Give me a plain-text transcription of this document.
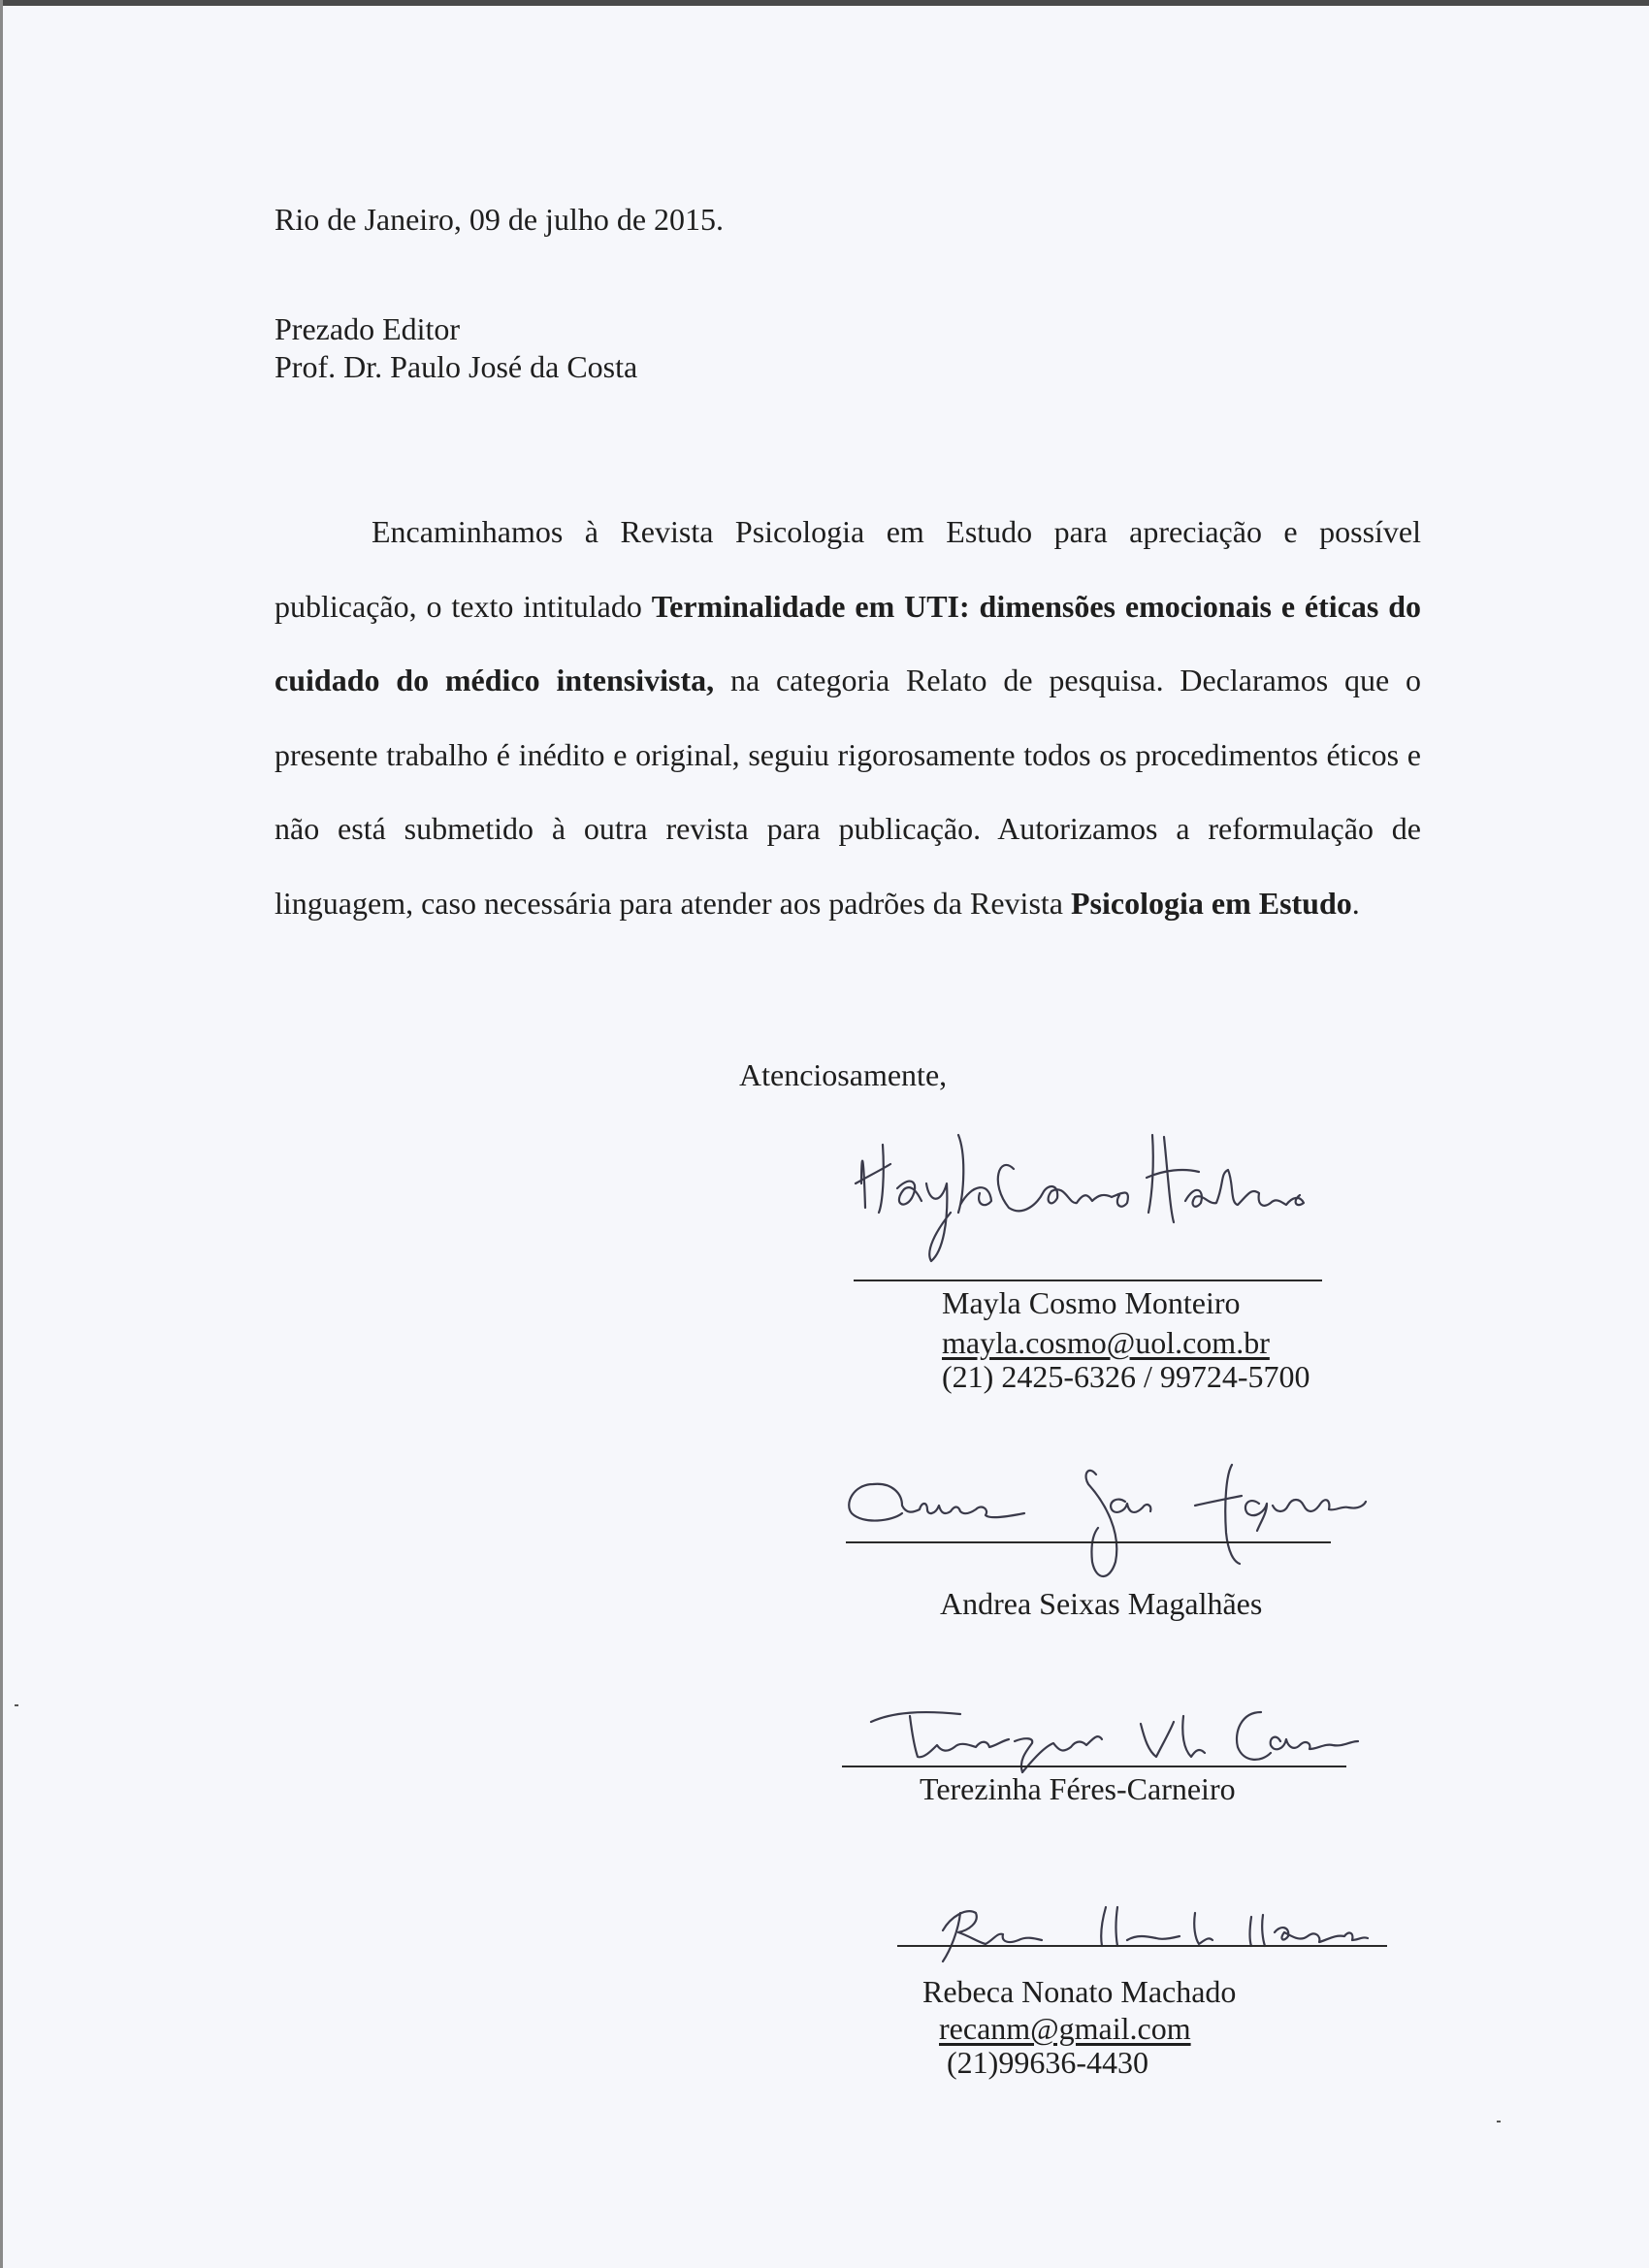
Rio de Janeiro, 09 de julho de 2015.
Prezado Editor
Prof. Dr. Paulo José da Costa

Encaminhamos à Revista Psicologia em Estudo para apreciação e possível publicação, o texto intitulado Terminalidade em UTI: dimensões emocionais e éticas do cuidado do médico intensivista, na categoria Relato de pesquisa. Declaramos que o presente trabalho é inédito e original, seguiu rigorosamente todos os procedimentos éticos e não está submetido à outra revista para publicação. Autorizamos a reformulação de linguagem, caso necessária para atender aos padrões da Revista Psicologia em Estudo.

Atenciosamente,
Mayla Cosmo Monteiro
mayla.cosmo@uol.com.br
(21) 2425-6326 / 99724-5700
Andrea Seixas Magalhães
Terezinha Féres-Carneiro
Rebeca Nonato Machado
recanm@gmail.com
(21)99636-4430
